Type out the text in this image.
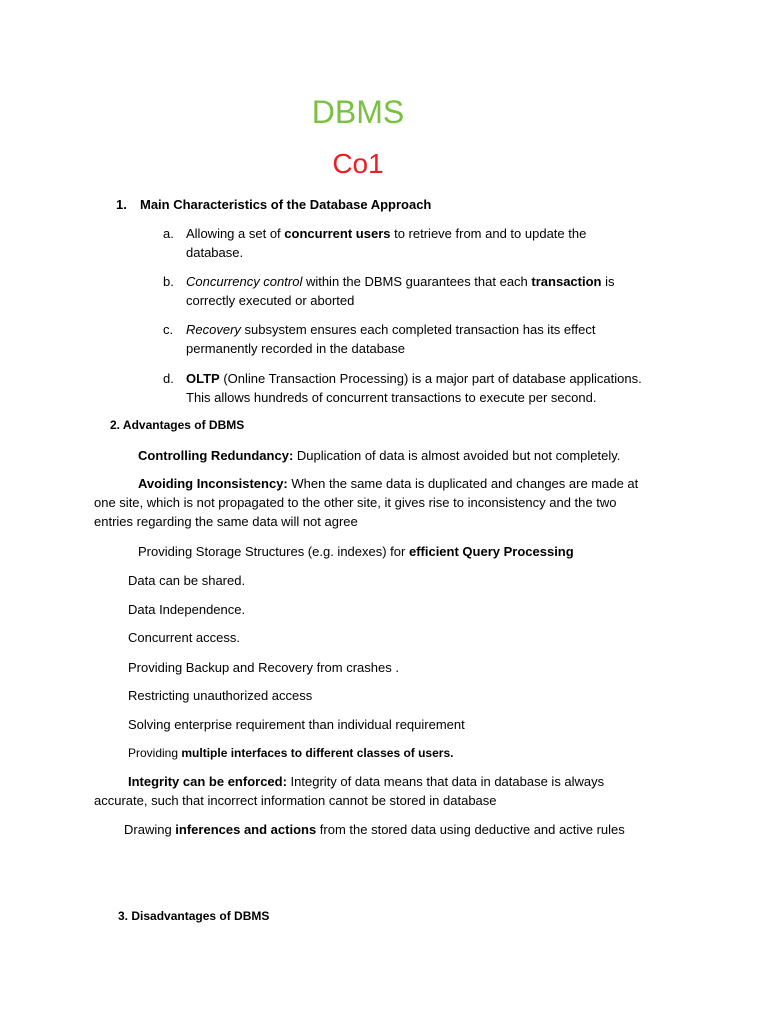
DBMS
Co1
1. Main Characteristics of the Database Approach
a. Allowing a set of concurrent users to retrieve from and to update the
database.
b. Concurrency control within the DBMS guarantees that each transaction is
correctly executed or aborted
c. Recovery subsystem ensures each completed transaction has its effect
permanently recorded in the database
d. OLTP (Online Transaction Processing) is a major part of database applications.
This allows hundreds of concurrent transactions to execute per second.
2. Advantages of DBMS
Controlling Redundancy: Duplication of data is almost avoided but not completely.
Avoiding Inconsistency: When the same data is duplicated and changes are made at
one site, which is not propagated to the other site, it gives rise to inconsistency and the two
entries regarding the same data will not agree
Providing Storage Structures (e.g. indexes) for efficient Query Processing
Data can be shared.
Data Independence.
Concurrent access.
Providing Backup and Recovery from crashes .
Restricting unauthorized access
Solving enterprise requirement than individual requirement
Providing multiple interfaces to different classes of users.
Integrity can be enforced: Integrity of data means that data in database is always
accurate, such that incorrect information cannot be stored in database
Drawing inferences and actions from the stored data using deductive and active rules
3. Disadvantages of DBMS
